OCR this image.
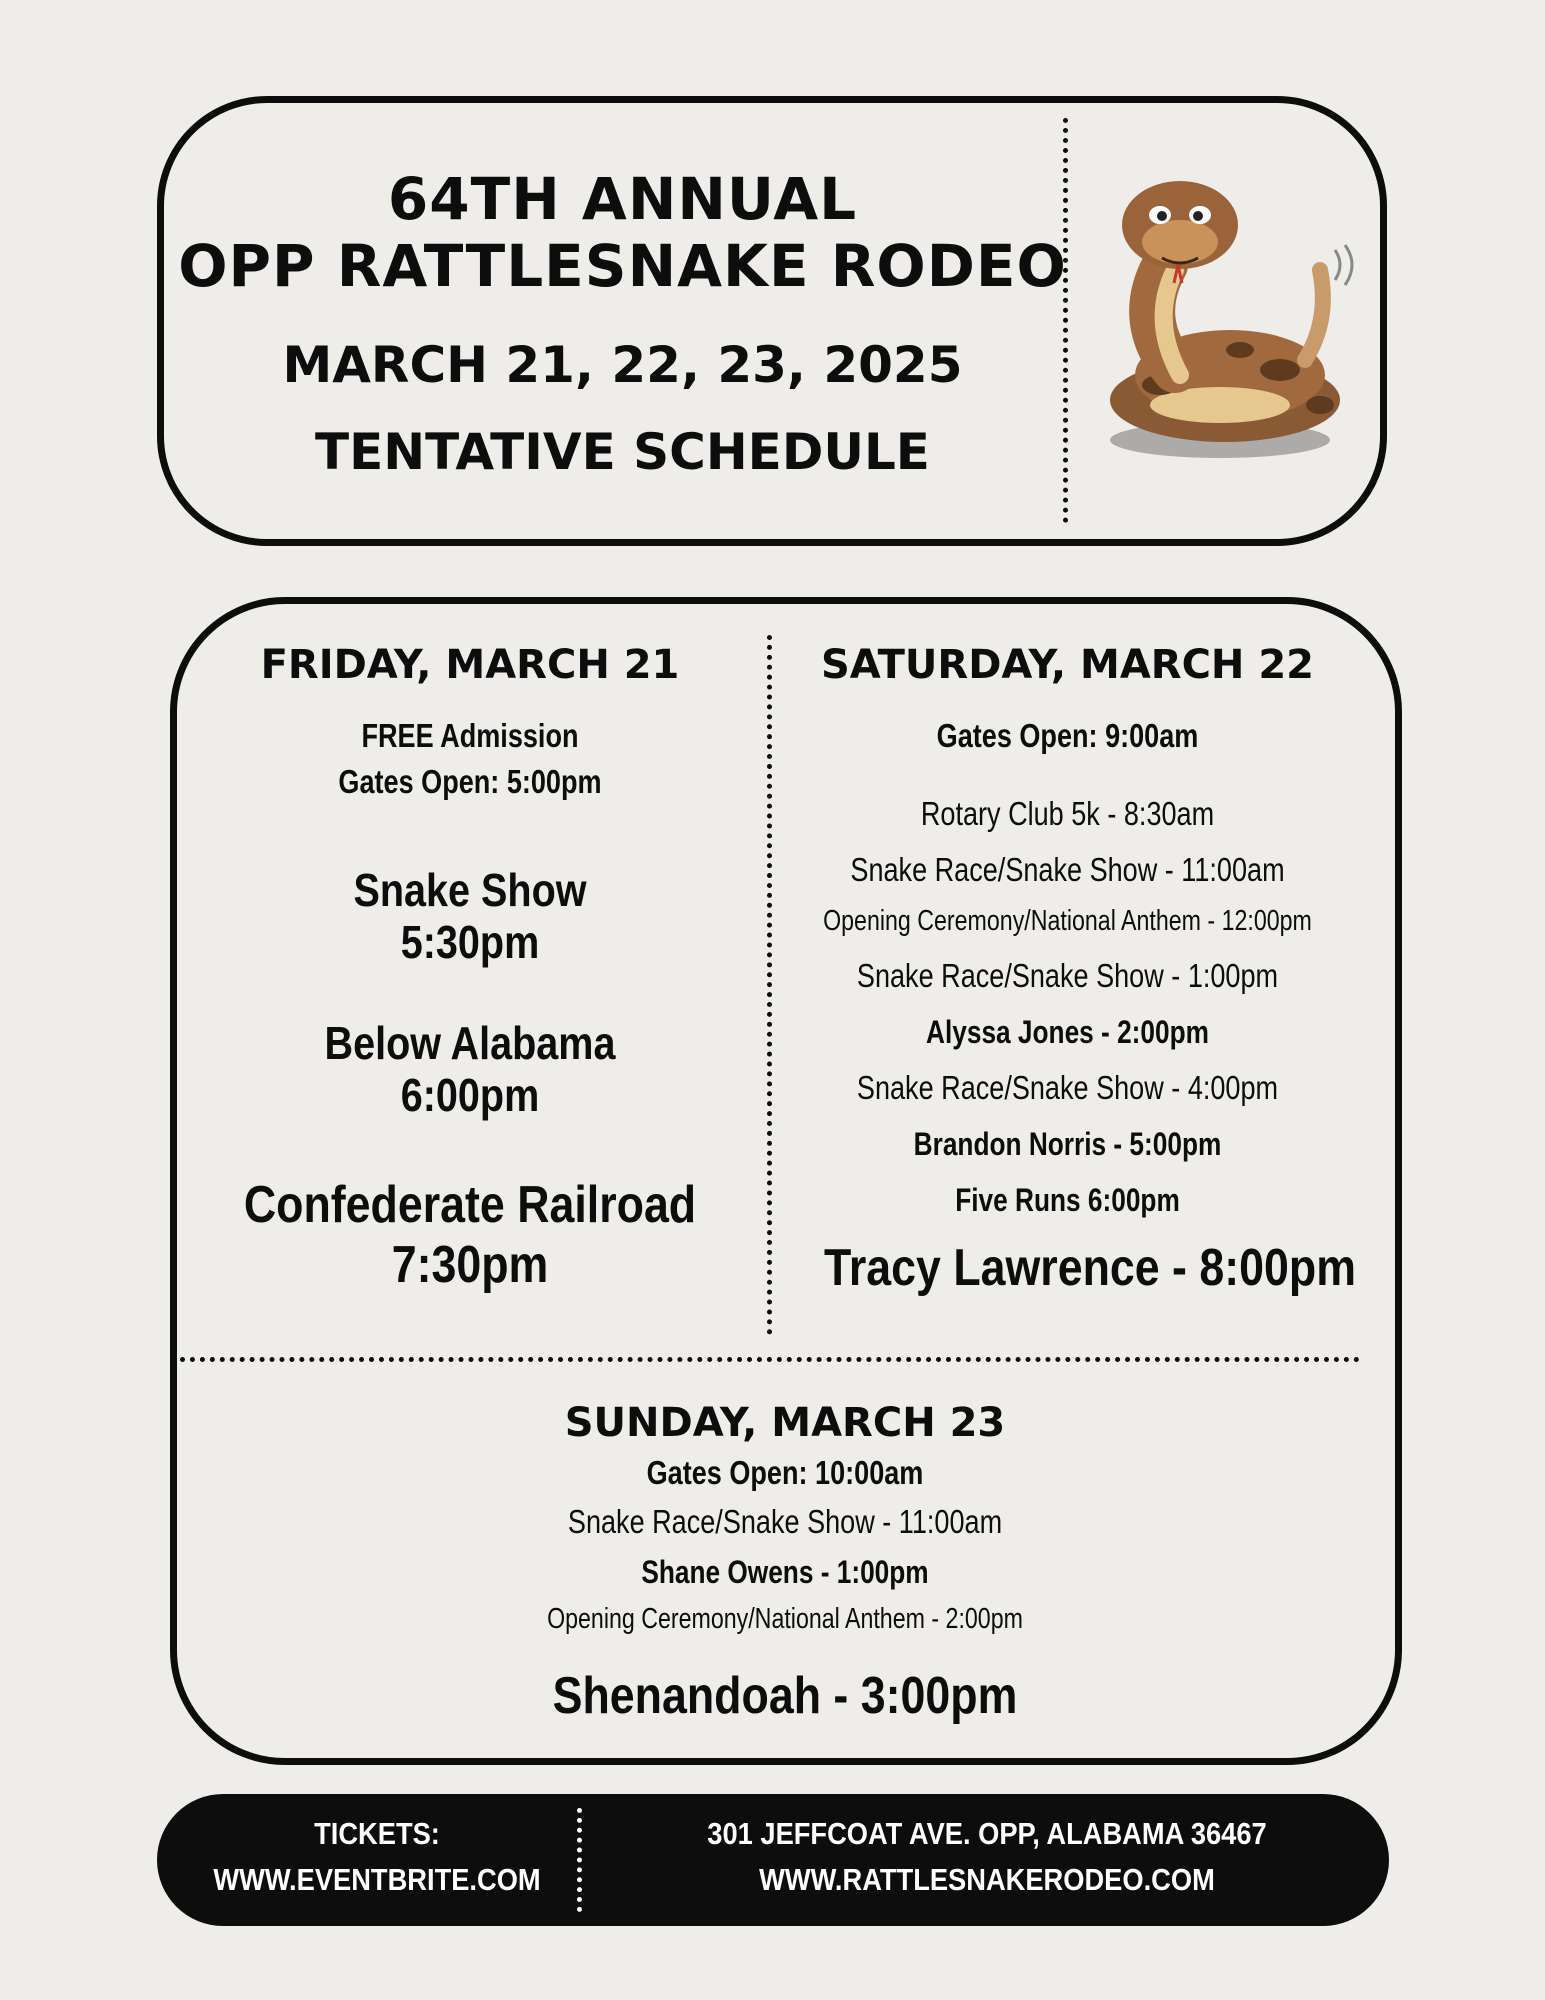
64TH ANNUAL
OPP RATTLESNAKE RODEO
MARCH 21, 22, 23, 2025
TENTATIVE SCHEDULE
FRIDAY, MARCH 21
FREE Admission
Gates Open: 5:00pm
Snake Show
5:30pm
Below Alabama
6:00pm
Confederate Railroad
7:30pm
SATURDAY, MARCH 22
Gates Open: 9:00am
Rotary Club 5k - 8:30am
Snake Race/Snake Show - 11:00am
Opening Ceremony/National Anthem - 12:00pm
Snake Race/Snake Show - 1:00pm
Alyssa Jones - 2:00pm
Snake Race/Snake Show - 4:00pm
Brandon Norris - 5:00pm
Five Runs 6:00pm
Tracy Lawrence - 8:00pm
SUNDAY, MARCH 23
Gates Open: 10:00am
Snake Race/Snake Show - 11:00am
Shane Owens - 1:00pm
Opening Ceremony/National Anthem - 2:00pm
Shenandoah - 3:00pm
TICKETS:
WWW.EVENTBRITE.COM
301 JEFFCOAT AVE. OPP, ALABAMA 36467
WWW.RATTLESNAKERODEO.COM
